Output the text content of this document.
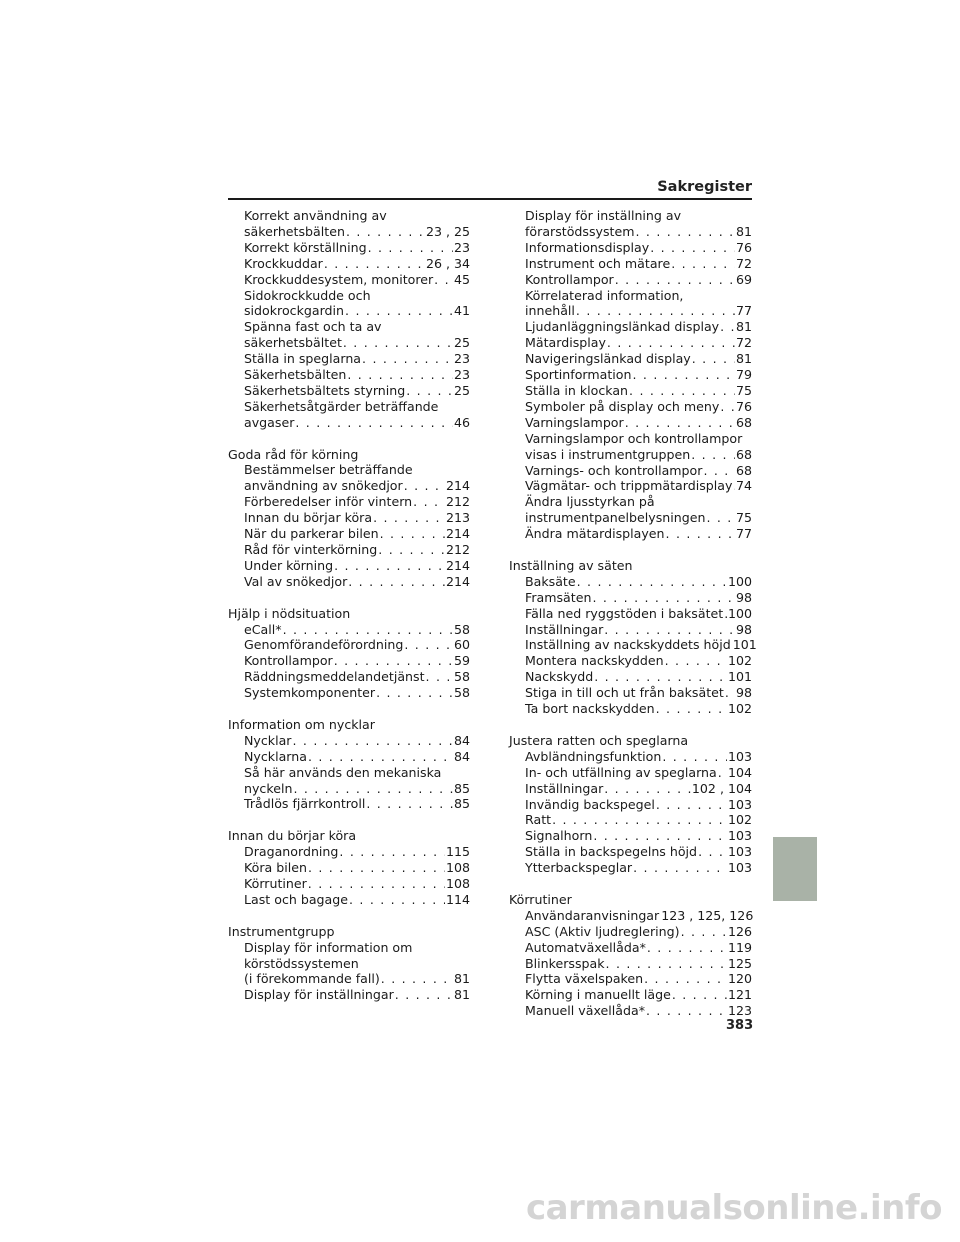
Sakregister
Korrekt användning av
säkerhetsbälten . . .	23 , 25
Korrekt körställning . . .	23
Krockkuddar . . .	26 , 34
Krockkuddesystem, monitorer . . . 45
Sidokrockkudde och
sidokrockgardin . . .	41
Spänna fast och ta av
säkerhetsbältet . . .	25
Ställa in speglarna . . .	23
Säkerhetsbälten . . .	23
Säkerhetsbältets styrning . . .	25
Säkerhetsåtgärder beträffande
avgaser . . .	46
Goda råd för körning
Bestämmelser beträffande
användning av snökedjor . . .	214
Förberedelser inför vintern . . .	212
Innan du börjar köra . . .	213
När du parkerar bilen . . .	214
Råd för vinterkörning . . .	212
Under körning . . .	214
Val av snökedjor . . .	214
Hjälp i nödsituation
eCall* . . .	58
Genomförandeförordning . . .	60
Kontrollampor . . .	59
Räddningsmeddelandetjänst . . . 58
Systemkomponenter . . .	58
Information om nycklar
Nycklar . . .	84
Nycklarna . . .	84
Så här används den mekaniska
nyckeln . . .	85
Trådlös fjärrkontroll . . .	85
Innan du börjar köra
Draganordning . . .	115
Köra bilen . . .	108
Körrutiner . . .	108
Last och bagage . . .	114
Instrumentgrupp
Display för information om
körstödssystemen
(i förekommande fall) . . .	81
Display för inställningar . . .	81
Display för inställning av
förarstödssystem . . .	81
Informationsdisplay . . .	76
Instrument och mätare . . .	72
Kontrollampor . . .	69
Körrelaterad information,
innehåll . . .	77
Ljudanläggningslänkad display . . . 81
Mätardisplay . . .	72
Navigeringslänkad display . . .	81
Sportinformation . . .	79
Ställa in klockan . . .	75
Symboler på display och meny . . . 76
Varningslampor . . .	68
Varningslampor och kontrollampor
visas i instrumentgruppen . . .	68
Varnings- och kontrollampor . . .	68
Vägmätar- och trippmätardisplay . . . 74
Ändra ljusstyrkan på
instrumentpanelbelysningen . . . 75
Ändra mätardisplayen . . .	77
Inställning av säten
Baksäte . . .	100
Framsäten . . .	98
Fälla ned ryggstöden i baksätet . . . 100
Inställningar . . .	98
Inställning av nackskyddets höjd 101
Montera nackskydden . . .	102
Nackskydd . . .	101
Stiga in till och ut från baksätet . . . 98
Ta bort nackskydden . . .	102
Justera ratten och speglarna
Avbländningsfunktion . . .	103
In- och utfällning av speglarna . . . 104
Inställningar . . .	102 , 104
Invändig backspegel . . .	103
Ratt . . .	102
Signalhorn . . .	103
Ställa in backspegelns höjd . . . 103
Ytterbackspeglar . . .	103
Körrutiner
Användaranvisningar 123 , 125, 126
ASC (Aktiv ljudreglering) . . .	126
Automatväxellåda* . . .	119
Blinkersspak . . .	125
Flytta växelspaken . . .	120
Körning i manuellt läge . . .	121
Manuell växellåda* . . .	123
383
carmanualsonline.info
